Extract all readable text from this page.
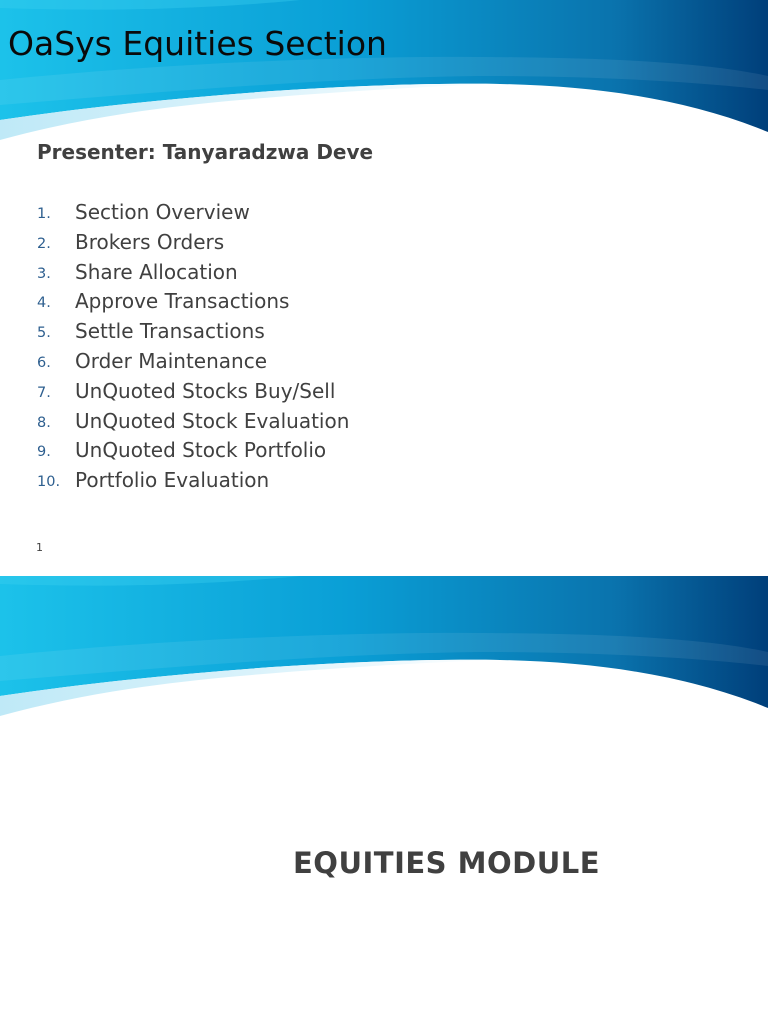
OaSys Equities Section

Presenter: Tanyaradzwa Deve

1. Section Overview
2. Brokers Orders
3. Share Allocation
4. Approve Transactions
5. Settle Transactions
6. Order Maintenance
7. UnQuoted Stocks Buy/Sell
8. UnQuoted Stock Evaluation
9. UnQuoted Stock Portfolio
10. Portfolio Evaluation
1
EQUITIES MODULE
